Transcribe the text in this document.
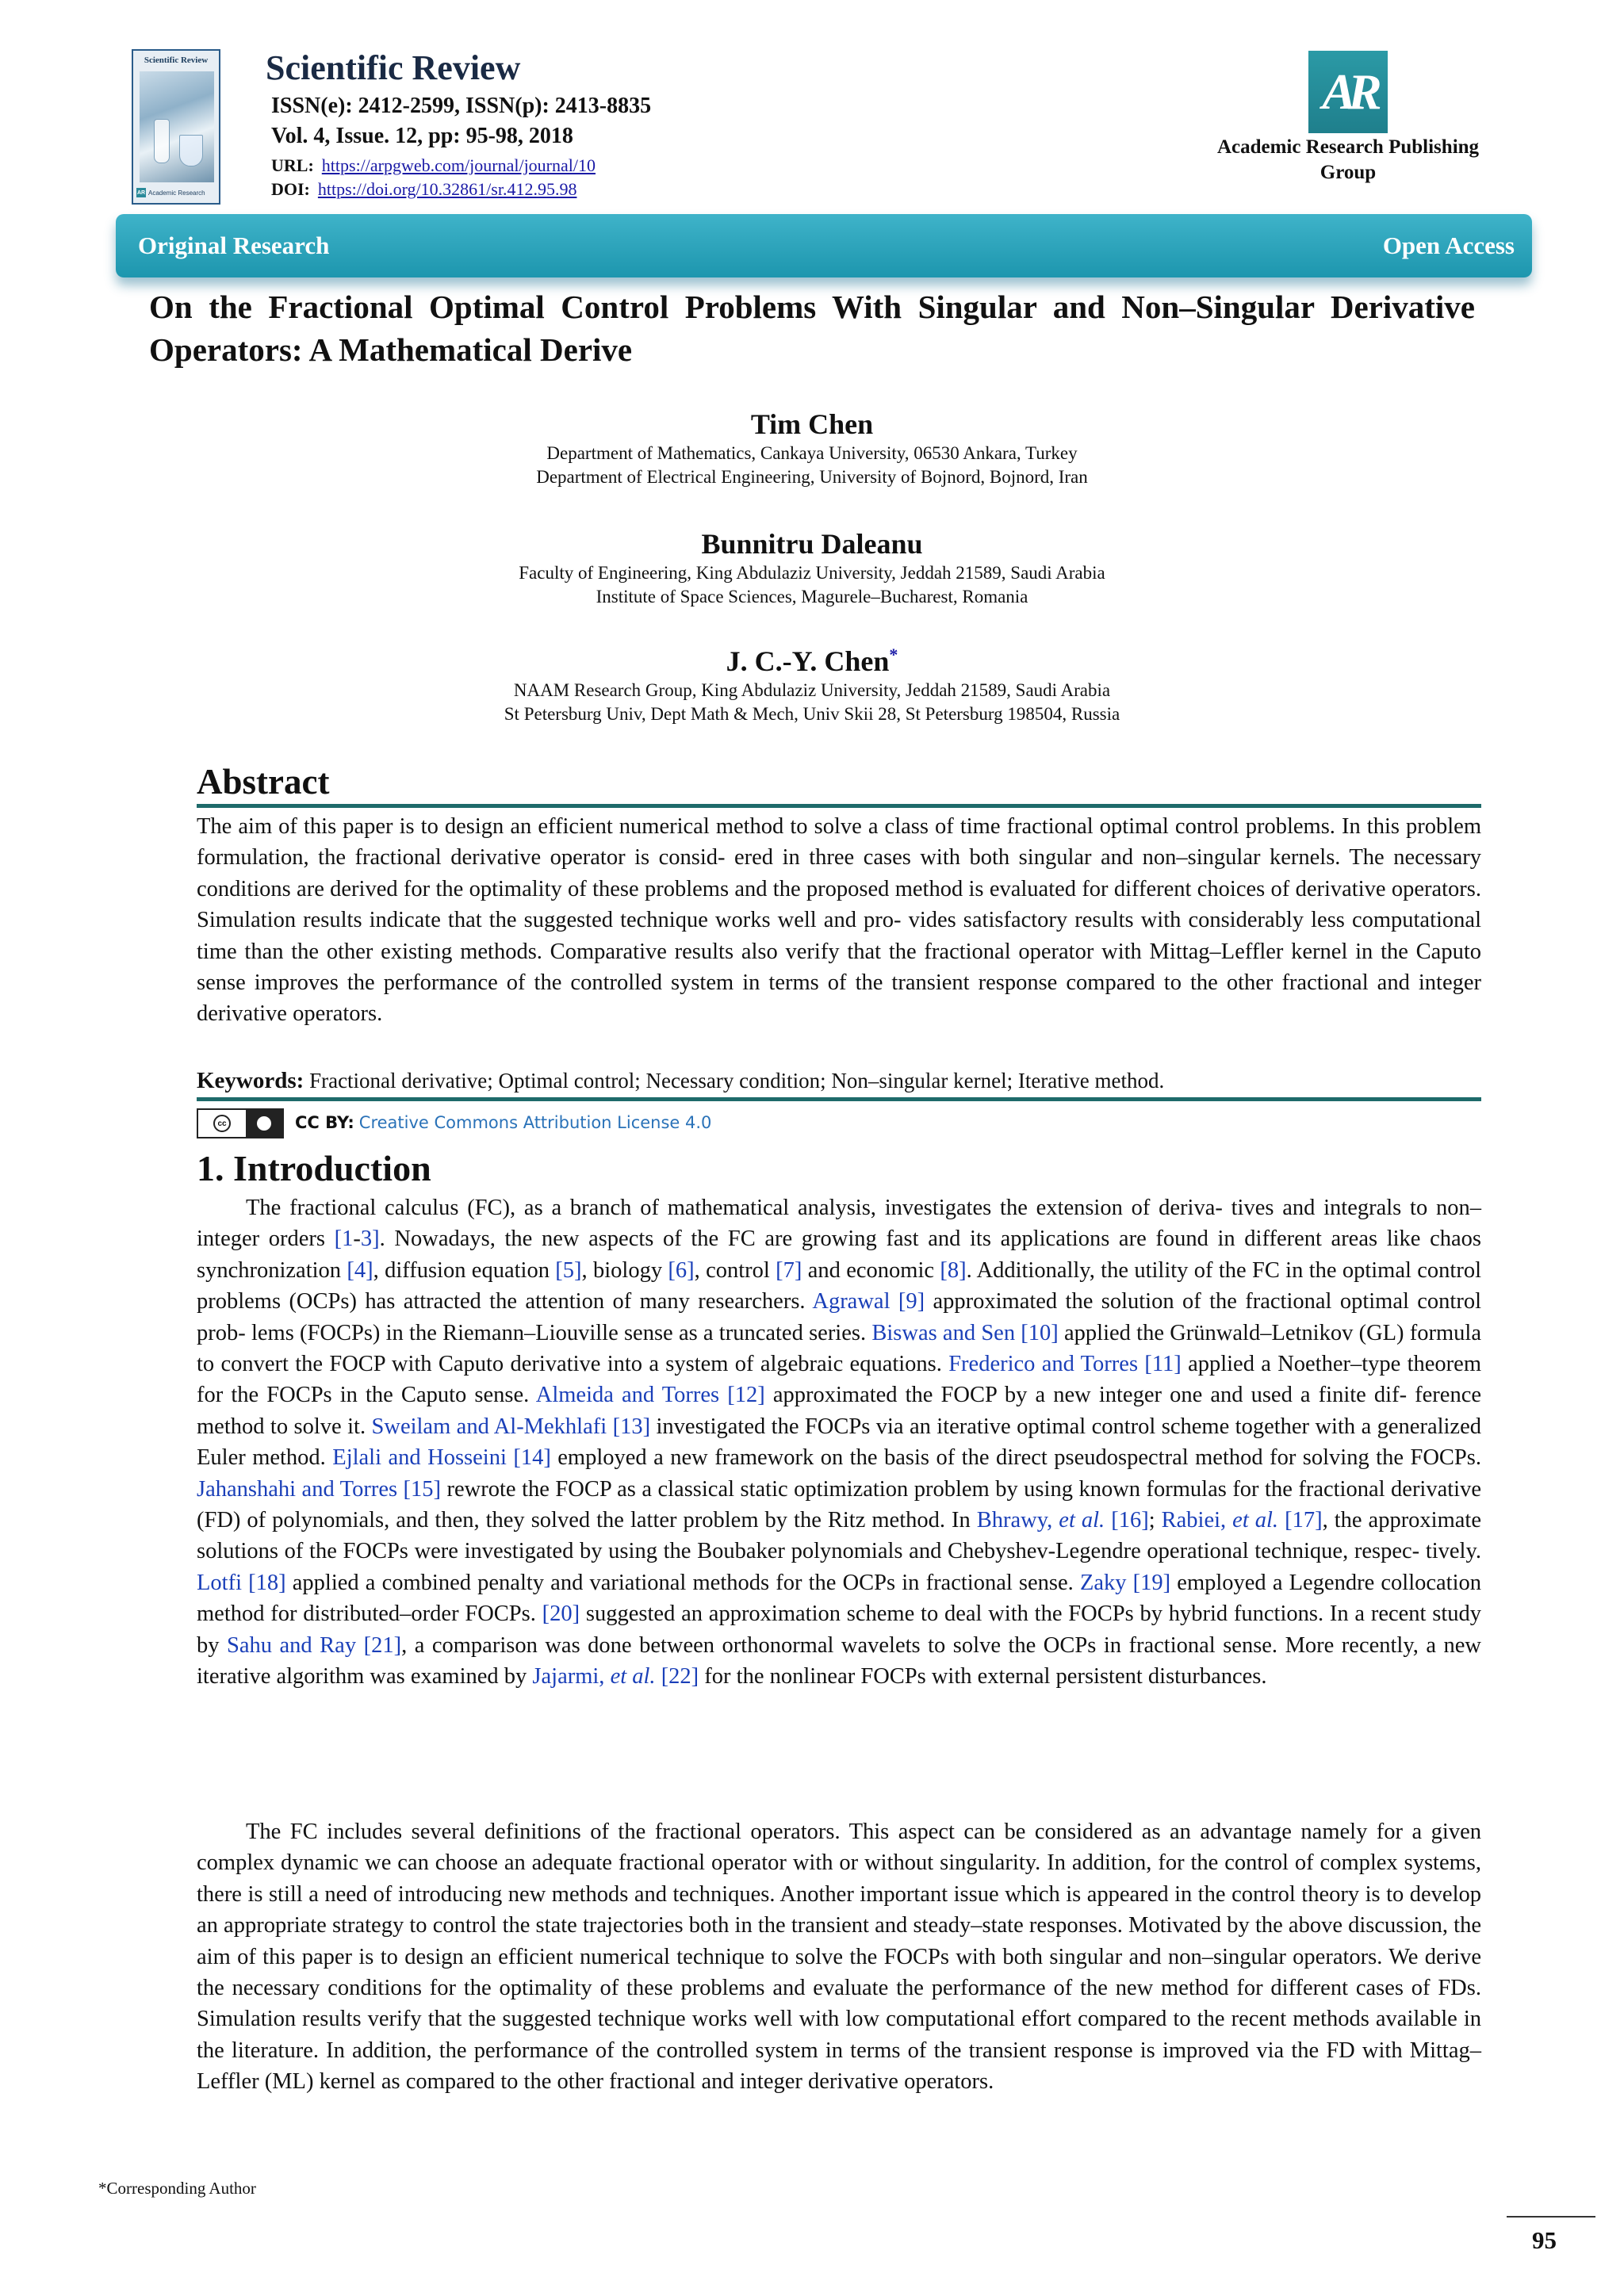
Scientific Review
AR Academic Research
Scientific Review
ISSN(e): 2412-2599, ISSN(p): 2413-8835
Vol. 4, Issue. 12, pp: 95-98, 2018
URL: https://arpgweb.com/journal/journal/10
DOI: https://doi.org/10.32861/sr.412.95.98
AR
Academic Research Publishing Group
Original Research	Open Access
On the Fractional Optimal Control Problems With Singular and Non–Singular Derivative Operators: A Mathematical Derive
Tim Chen
Department of Mathematics, Cankaya University, 06530 Ankara, Turkey
Department of Electrical Engineering, University of Bojnord, Bojnord, Iran
Bunnitru Daleanu
Faculty of Engineering, King Abdulaziz University, Jeddah 21589, Saudi Arabia
Institute of Space Sciences, Magurele–Bucharest, Romania
J. C.-Y. Chen*
NAAM Research Group, King Abdulaziz University, Jeddah 21589, Saudi Arabia
St Petersburg Univ, Dept Math & Mech, Univ Skii 28, St Petersburg 198504, Russia
Abstract
The aim of this paper is to design an efficient numerical method to solve a class of time fractional optimal control problems. In this problem formulation, the fractional derivative operator is consid- ered in three cases with both singular and non–singular kernels. The necessary conditions are derived for the optimality of these problems and the proposed method is evaluated for different choices of derivative operators. Simulation results indicate that the suggested technique works well and pro- vides satisfactory results with considerably less computational time than the other existing methods. Comparative results also verify that the fractional operator with Mittag–Leffler kernel in the Caputo sense improves the performance of the controlled system in terms of the transient response compared to the other fractional and integer derivative operators.
Keywords: Fractional derivative; Optimal control; Necessary condition; Non–singular kernel; Iterative method.
cc	CC BY: Creative Commons Attribution License 4.0
1. Introduction
The fractional calculus (FC), as a branch of mathematical analysis, investigates the extension of deriva- tives and integrals to non–integer orders [1-3]. Nowadays, the new aspects of the FC are growing fast and its applications are found in different areas like chaos synchronization [4], diffusion equation [5], biology [6], control [7] and economic [8]. Additionally, the utility of the FC in the optimal control problems (OCPs) has attracted the attention of many researchers. Agrawal [9] approximated the solution of the fractional optimal control prob- lems (FOCPs) in the Riemann–Liouville sense as a truncated series. Biswas and Sen [10] applied the Grünwald–Letnikov (GL) formula to convert the FOCP with Caputo derivative into a system of algebraic equations. Frederico and Torres [11] applied a Noether–type theorem for the FOCPs in the Caputo sense. Almeida and Torres [12] approximated the FOCP by a new integer one and used a finite dif- ference method to solve it. Sweilam and Al-Mekhlafi [13] investigated the FOCPs via an iterative optimal control scheme together with a generalized Euler method. Ejlali and Hosseini [14] employed a new framework on the basis of the direct pseudospectral method for solving the FOCPs. Jahanshahi and Torres [15] rewrote the FOCP as a classical static optimization problem by using known formulas for the fractional derivative (FD) of polynomials, and then, they solved the latter problem by the Ritz method. In Bhrawy, et al. [16]; Rabiei, et al. [17], the approximate solutions of the FOCPs were investigated by using the Boubaker polynomials and Chebyshev-Legendre operational technique, respec- tively. Lotfi [18] applied a combined penalty and variational methods for the OCPs in fractional sense. Zaky [19] employed a Legendre collocation method for distributed–order FOCPs. [20] suggested an approximation scheme to deal with the FOCPs by hybrid functions. In a recent study by Sahu and Ray [21], a comparison was done between orthonormal wavelets to solve the OCPs in fractional sense. More recently, a new iterative algorithm was examined by Jajarmi, et al. [22] for the nonlinear FOCPs with external persistent disturbances.
The FC includes several definitions of the fractional operators. This aspect can be considered as an advantage namely for a given complex dynamic we can choose an adequate fractional operator with or without singularity. In addition, for the control of complex systems, there is still a need of introducing new methods and techniques. Another important issue which is appeared in the control theory is to develop an appropriate strategy to control the state trajectories both in the transient and steady–state responses. Motivated by the above discussion, the aim of this paper is to design an efficient numerical technique to solve the FOCPs with both singular and non–singular operators. We derive the necessary conditions for the optimality of these problems and evaluate the performance of the new method for different cases of FDs. Simulation results verify that the suggested technique works well with low computational effort compared to the recent methods available in the literature. In addition, the performance of the controlled system in terms of the transient response is improved via the FD with Mittag–Leffler (ML) kernel as compared to the other fractional and integer derivative operators.
*Corresponding Author
95
